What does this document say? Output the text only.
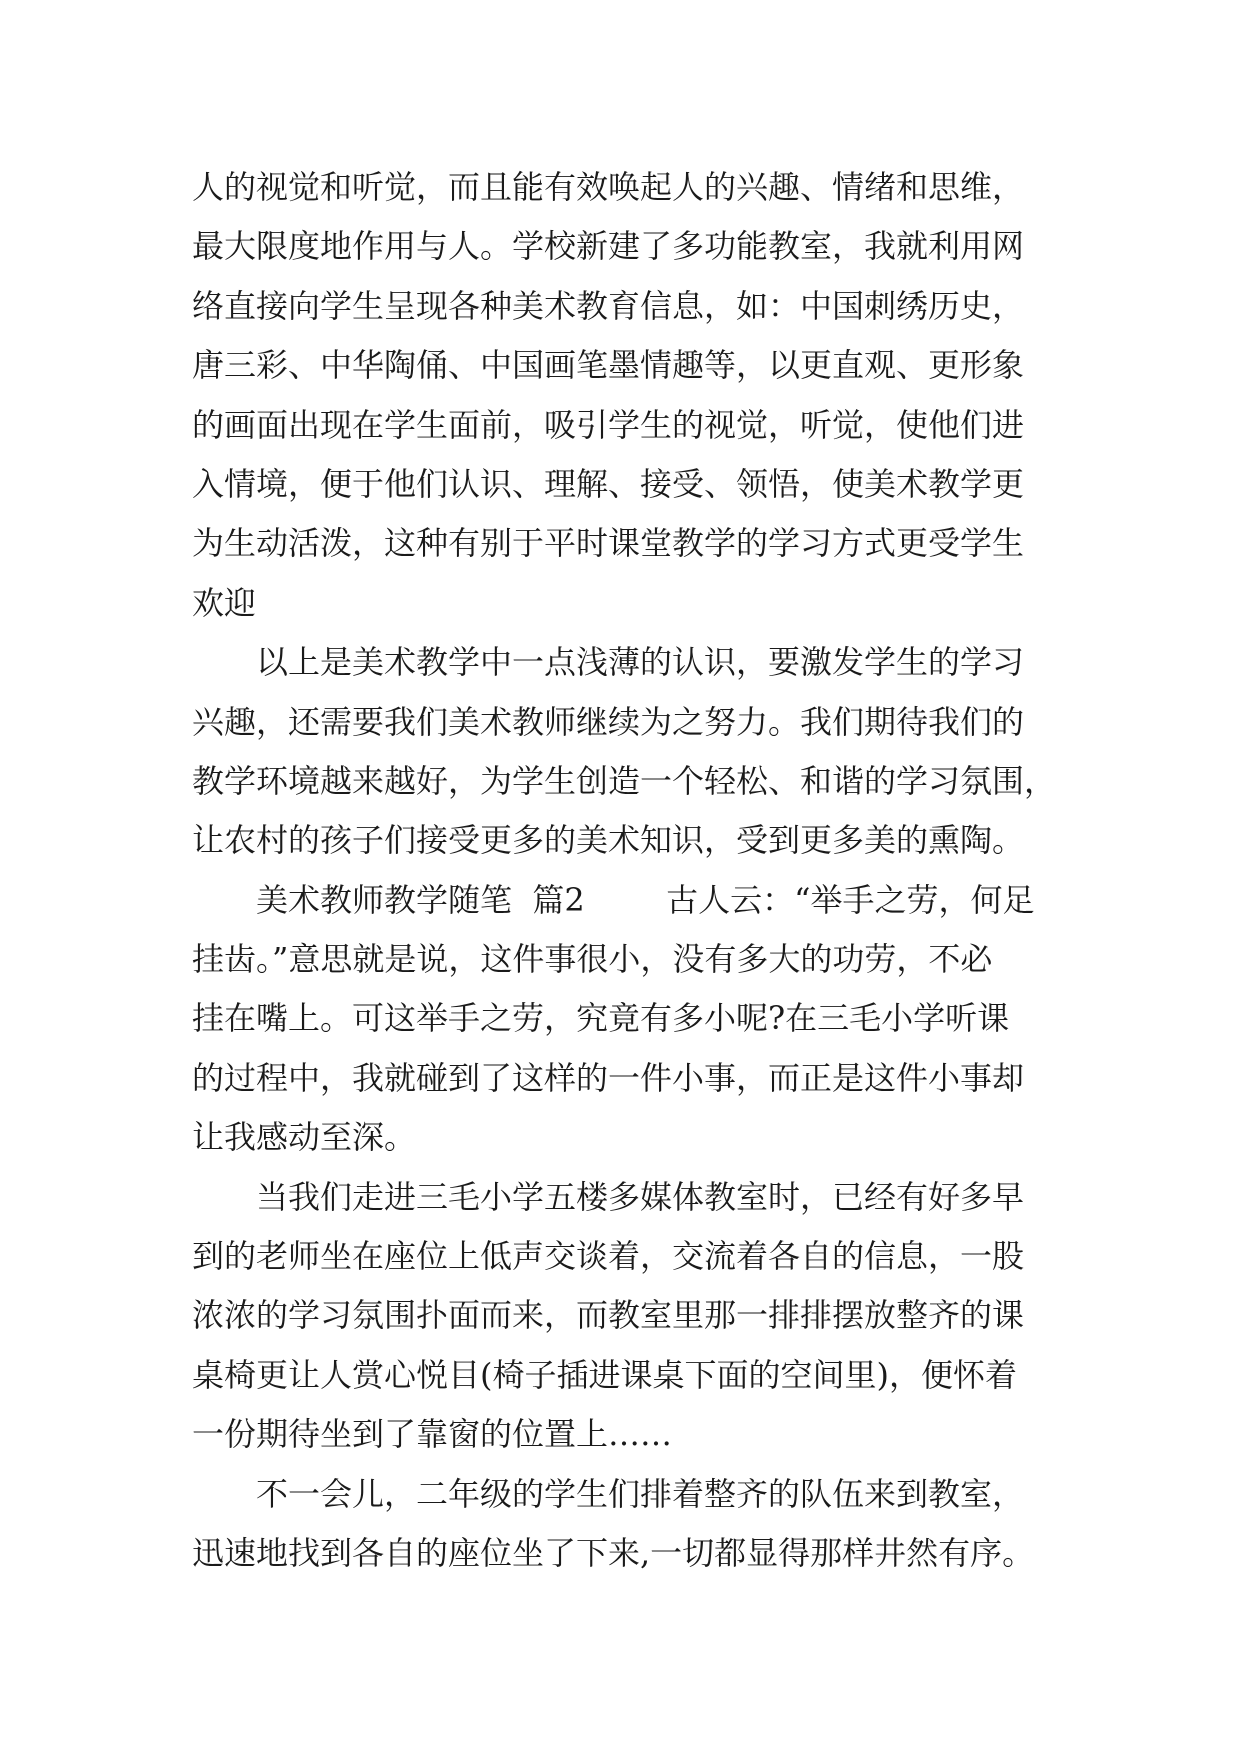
人的视觉和听觉，而且能有效唤起人的兴趣、情绪和思维，
最大限度地作用与人。学校新建了多功能教室，我就利用网
络直接向学生呈现各种美术教育信息，如：中国刺绣历史，
唐三彩、中华陶俑、中国画笔墨情趣等，以更直观、更形象
的画面出现在学生面前，吸引学生的视觉，听觉，使他们进
入情境，便于他们认识、理解、接受、领悟，使美术教学更
为生动活泼，这种有别于平时课堂教学的学习方式更受学生
欢迎
　　以上是美术教学中一点浅薄的认识，要激发学生的学习
兴趣，还需要我们美术教师继续为之努力。我们期待我们的
教学环境越来越好，为学生创造一个轻松、和谐的学习氛围，
让农村的孩子们接受更多的美术知识，受到更多美的熏陶。
　　美术教师教学随笔  篇2        古人云：“举手之劳，何足
挂齿。”意思就是说，这件事很小，没有多大的功劳，不必
挂在嘴上。可这举手之劳，究竟有多小呢?在三毛小学听课
的过程中，我就碰到了这样的一件小事，而正是这件小事却
让我感动至深。
　　当我们走进三毛小学五楼多媒体教室时，已经有好多早
到的老师坐在座位上低声交谈着，交流着各自的信息，一股
浓浓的学习氛围扑面而来，而教室里那一排排摆放整齐的课
桌椅更让人赏心悦目(椅子插进课桌下面的空间里)，便怀着
一份期待坐到了靠窗的位置上……
　　不一会儿，二年级的学生们排着整齐的队伍来到教室，
迅速地找到各自的座位坐了下来,一切都显得那样井然有序。
